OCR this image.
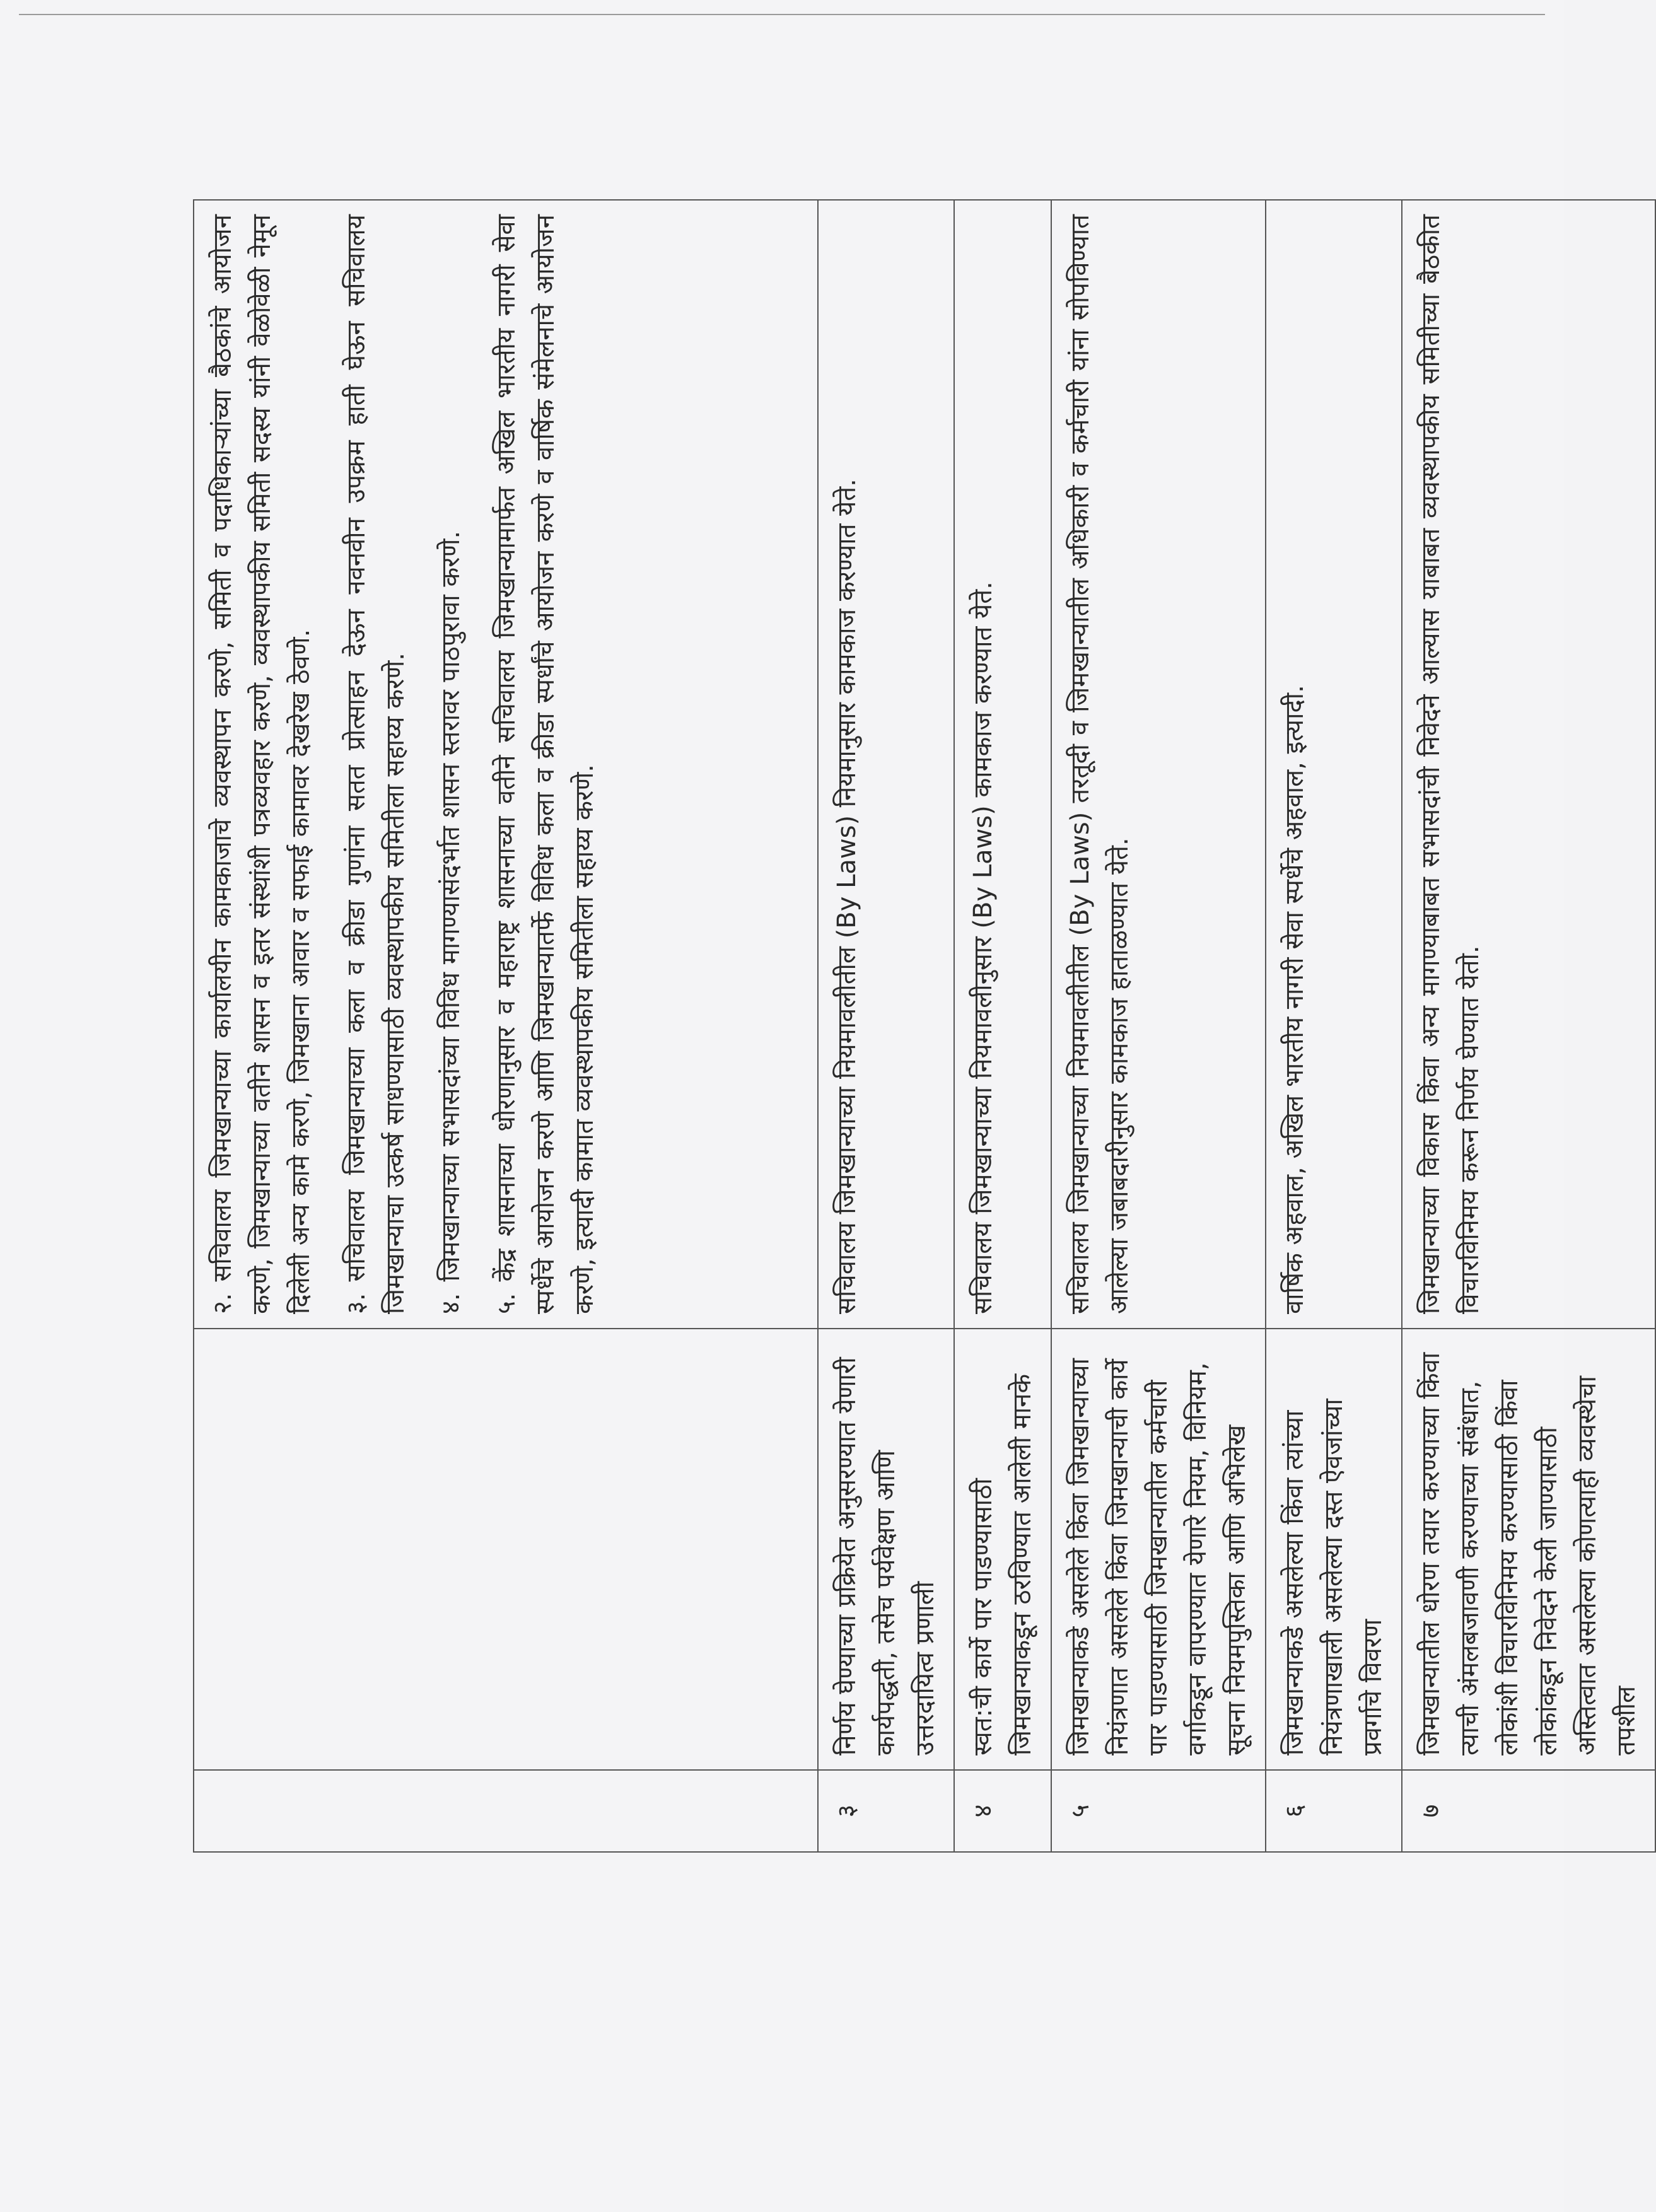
		२.सचिवालय जिमखान्याच्या कार्यालयीन कामकाजाचे व्यवस्थापन करणे, समिती व पदाधिकाऱ्यांच्या बैठकांचे आयोजन करणे, जिमखान्याच्या वतीने शासन व इतर संस्थांशी पत्रव्यवहार करणे, व्यवस्थापकीय समिती सदस्य यांनी वेळोवेळी नेमून दिलेली अन्य कामे करणे, जिमखाना आवार व सफाई कामावर देखरेख ठेवणे. ३.सचिवालय जिमखान्याच्या कला व क्रीडा गुणांना सतत प्रोत्साहन देऊन नवनवीन उपक्रम हाती घेऊन सचिवालय जिमखान्याचा उत्कर्ष साधण्यासाठी व्यवस्थापकीय समितीला सहाय्य करणे. ४.जिमखान्याच्या सभासदांच्या विविध मागण्यासंदर्भात शासन स्तरावर पाठपुरावा करणे.

५.केंद्र शासनाच्या धोरणानुसार व महाराष्ट्र शासनाच्या वतीने सचिवालय जिमखान्यामार्फत अखिल भारतीय नागरी सेवा स्पर्धेचे आयोजन करणे आणि जिमखान्यातर्फे विविध कला व क्रीडा स्पर्धांचे आयोजन करणे व वार्षिक संमेलनाचे आयोजन करणे, इत्यादी कामात व्यवस्थापकीय समितीला सहाय्य करणे.

३	निर्णय घेण्याच्या प्रक्रियेत अनुसरण्यात येणारी कार्यपद्धती, तसेच पर्यवेक्षण आणि उत्तरदायित्व प्रणाली	सचिवालय जिमखान्याच्या नियमावलीतील (By Laws) नियमानुसार कामकाज करण्यात येते.

४	स्वत:ची कार्ये पार पाडण्यासाठी जिमखान्याकडून ठरविण्यात आलेली मानके	सचिवालय जिमखान्याच्या नियमावलीनुसार (By Laws) कामकाज करण्यात येते.

५	जिमखान्याकडे असलेले किंवा जिमखान्याच्या नियंत्रणात असलेले किंवा जिमखान्याची कार्ये पार पाडण्यासाठी जिमखान्यातील कर्मचारी वर्गाकडून वापरण्यात येणारे नियम, विनियम, सूचना नियमपुस्तिका आणि अभिलेख	सचिवालय जिमखान्याच्या नियमावलीतील (By Laws) तरतूदी व जिमखान्यातील अधिकारी व कर्मचारी यांना सोपविण्यात आलेल्या जबाबदारीनुसार कामकाज हाताळण्यात येते.

६	जिमखान्याकडे असलेल्या किंवा त्यांच्या नियंत्रणाखाली असलेल्या दस्त ऐवजांच्या प्रवर्गाचे विवरण	वार्षिक अहवाल, अखिल भारतीय नागरी सेवा स्पर्धेचे अहवाल, इत्यादी.

७	जिमखान्यातील धोरण तयार करण्याच्या किंवा त्याची अंमलबजावणी करण्याच्या संबंधात, लोकांशी विचारविनिमय करण्यासाठी किंवा लोकांकडून निवेदने केली जाण्यासाठी अस्तित्वात असलेल्या कोणत्याही व्यवस्थेचा तपशील	जिमखान्याच्या विकास किंवा अन्य मागण्याबाबत सभासदांची निवेदने आल्यास याबाबत व्यवस्थापकीय समितीच्या बैठकीत विचारविनिमय करून निर्णय घेण्यात येतो.
